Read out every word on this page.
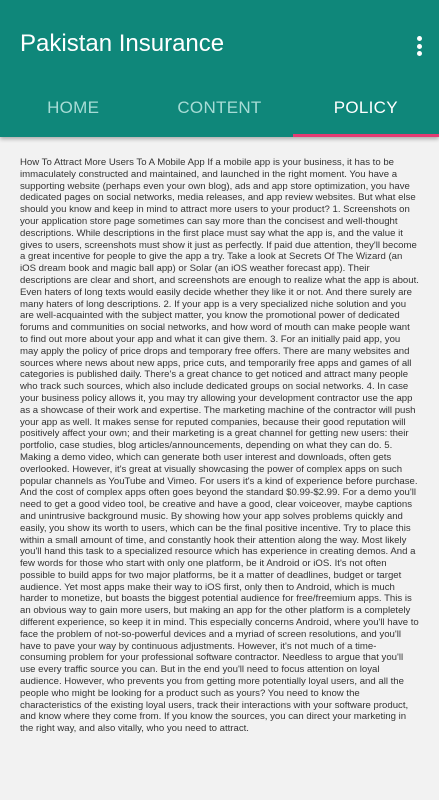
Pakistan Insurance
HOME	CONTENT	POLICY
How To Attract More Users To A Mobile App If a mobile app is your business, it has to be immaculately constructed and maintained, and launched in the right moment. You have a supporting website (perhaps even your own blog), ads and app store optimization, you have dedicated pages on social networks, media releases, and app review websites. But what else should you know and keep in mind to attract more users to your product? 1. Screenshots on your application store page sometimes can say more than the concisest and well-thought descriptions. While descriptions in the first place must say what the app is, and the value it gives to users, screenshots must show it just as perfectly. If paid due attention, they'll become a great incentive for people to give the app a try. Take a look at Secrets Of The Wizard (an iOS dream book and magic ball app) or Solar (an iOS weather forecast app). Their descriptions are clear and short, and screenshots are enough to realize what the app is about. Even haters of long texts would easily decide whether they like it or not. And there surely are many haters of long descriptions. 2. If your app is a very specialized niche solution and you are well-acquainted with the subject matter, you know the promotional power of dedicated forums and communities on social networks, and how word of mouth can make people want to find out more about your app and what it can give them. 3. For an initially paid app, you may apply the policy of price drops and temporary free offers. There are many websites and sources where news about new apps, price cuts, and temporarily free apps and games of all categories is published daily. There's a great chance to get noticed and attract many people who track such sources, which also include dedicated groups on social networks. 4. In case your business policy allows it, you may try allowing your development contractor use the app as a showcase of their work and expertise. The marketing machine of the contractor will push your app as well. It makes sense for reputed companies, because their good reputation will positively affect your own; and their marketing is a great channel for getting new users: their portfolio, case studies, blog articles/announcements, depending on what they can do. 5. Making a demo video, which can generate both user interest and downloads, often gets overlooked. However, it's great at visually showcasing the power of complex apps on such popular channels as YouTube and Vimeo. For users it's a kind of experience before purchase. And the cost of complex apps often goes beyond the standard $0.99-$2.99. For a demo you'll need to get a good video tool, be creative and have a good, clear voiceover, maybe captions and unintrusive background music. By showing how your app solves problems quickly and easily, you show its worth to users, which can be the final positive incentive. Try to place this within a small amount of time, and constantly hook their attention along the way. Most likely you'll hand this task to a specialized resource which has experience in creating demos. And a few words for those who start with only one platform, be it Android or iOS. It's not often possible to build apps for two major platforms, be it a matter of deadlines, budget or target audience. Yet most apps make their way to iOS first, only then to Android, which is much harder to monetize, but boasts the biggest potential audience for free/freemium apps. This is an obvious way to gain more users, but making an app for the other platform is a completely different experience, so keep it in mind. This especially concerns Android, where you'll have to face the problem of not-so-powerful devices and a myriad of screen resolutions, and you'll have to pave your way by continuous adjustments. However, it's not much of a time-consuming problem for your professional software contractor. Needless to argue that you'll use every traffic source you can. But in the end you'll need to focus attention on loyal audience. However, who prevents you from getting more potentially loyal users, and all the people who might be looking for a product such as yours? You need to know the characteristics of the existing loyal users, track their interactions with your software product, and know where they come from. If you know the sources, you can direct your marketing in the right way, and also vitally, who you need to attract.
